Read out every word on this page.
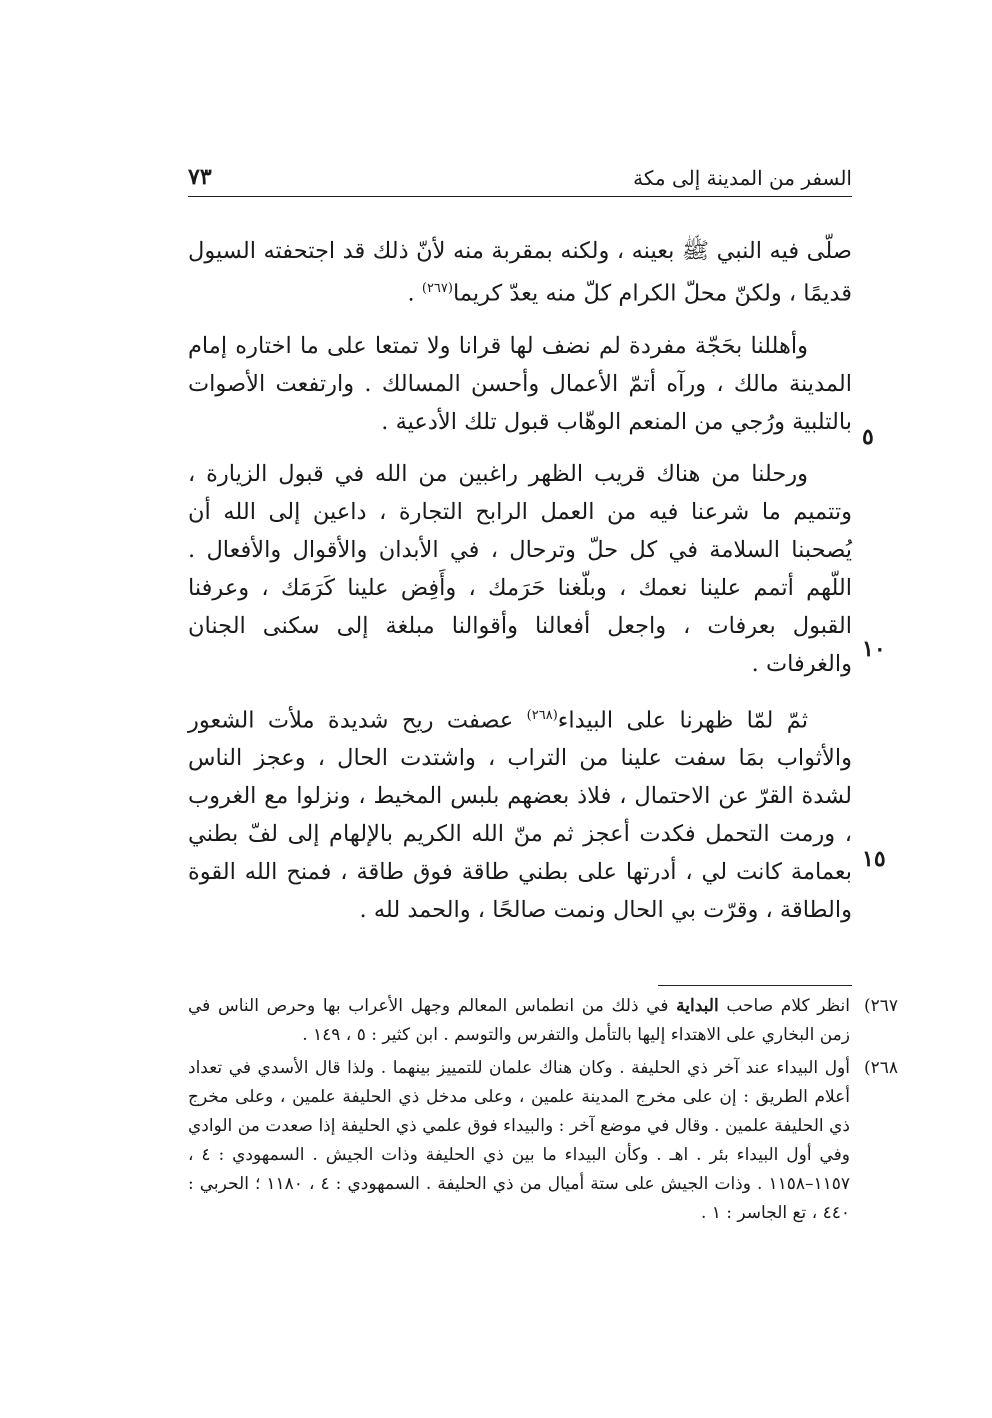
السفر من المدينة إلى مكة
٧٣

صلّى فيه النبي ﷺ بعينه ، ولكنه بمقربة منه لأنّ ذلك قد اجتحفته السيول قديمًا ، ولكنّ محلّ الكرام كلّ منه يعدّ كريما$^{(٢٦٧)}$ .

وأهللنا بحَجّة مفردة لم نضف لها قرانا ولا تمتعا على ما اختاره إمام المدينة مالك ، ورآه أتمّ الأعمال وأحسن المسالك . وارتفعت الأصوات بالتلبية ورُجي من المنعم الوهّاب قبول تلك الأدعية .

ورحلنا من هناك قريب الظهر راغبين من الله في قبول الزيارة ، وتتميم ما شرعنا فيه من العمل الرابح التجارة ، داعين إلى الله أن يُصحبنا السلامة في كل حلّ وترحال ، في الأبدان والأقوال والأفعال . اللّهم أتمم علينا نعمك ، وبلّغنا حَرَمك ، وأَفِض علينا كَرَمَك ، وعرفنا القبول بعرفات ، واجعل أفعالنا وأقوالنا مبلغة إلى سكنى الجنان والغرفات .

ثمّ لمّا ظهرنا على البيداء$^{(٢٦٨)}$ عصفت ريح شديدة ملأت الشعور والأثواب بمَا سفت علينا من التراب ، واشتدت الحال ، وعجز الناس لشدة القرّ عن الاحتمال ، فلاذ بعضهم بلبس المخيط ، ونزلوا مع الغروب ، ورمت التحمل فكدت أعجز ثم منّ الله الكريم بالإلهام إلى لفّ بطني بعمامة كانت لي ، أدرتها على بطني طاقة فوق طاقة ، فمنح الله القوة والطاقة ، وقرّت بي الحال ونمت صالحًا ، والحمد لله .

٥
١٠
١٥
٢٦٧)
انظر كلام صاحب البداية في ذلك من انطماس المعالم وجهل الأعراب بها وحرص الناس في زمن البخاري على الاهتداء إليها بالتأمل والتفرس والتوسم . ابن كثير : ٥ ، ١٤٩ .
٢٦٨)
أول البيداء عند آخر ذي الحليفة . وكان هناك علمان للتمييز بينهما . ولذا قال الأسدي في تعداد أعلام الطريق : إن على مخرج المدينة علمين ، وعلى مدخل ذي الحليفة علمين ، وعلى مخرج ذي الحليفة علمين . وقال في موضع آخر : والبيداء فوق علمي ذي الحليفة إذا صعدت من الوادي وفي أول البيداء بئر . اهـ . وكأن البيداء ما بين ذي الحليفة وذات الجيش . السمهودي : ٤ ، ١١٥٧–١١٥٨ . وذات الجيش على ستة أميال من ذي الحليفة . السمهودي : ٤ ، ١١٨٠ ؛ الحربي : ٤٤٠ ، تع الجاسر : ١ .
